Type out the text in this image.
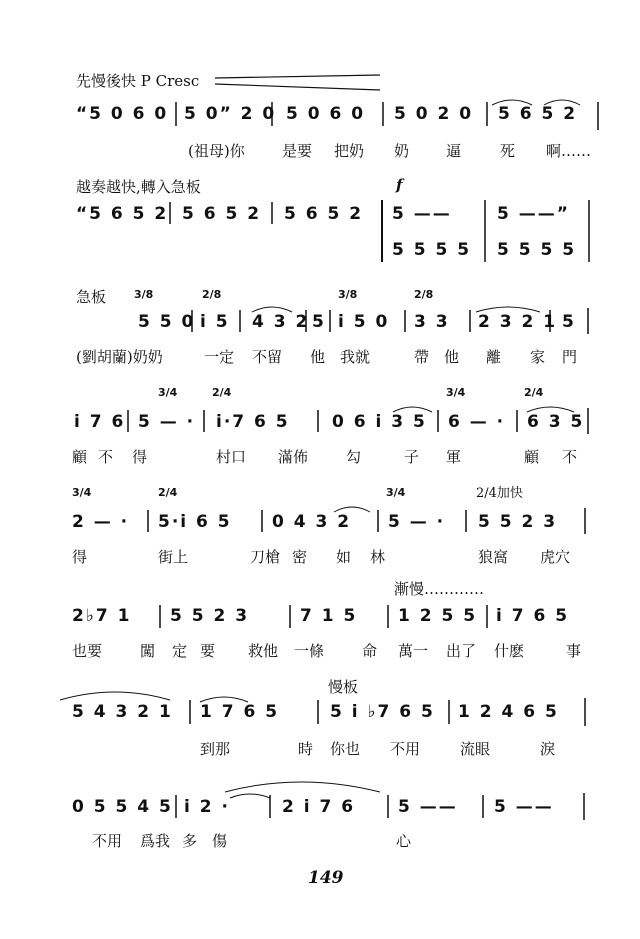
先慢後快 P Cresc
“5 0 6 0 5 0” 2 0 5 0 6 0 5 0 2 0 5 6 5 2
(祖母)你 是要 把奶 奶 逼	死 啊……
越奏越快,轉入急板	f
“5 6 5 2 5 6 5 2 5 6 5 2 5 ——	5 ——”
5 5 5 5 5 5 5 5
急板	3/8	2/8	3/8	2/8
5 5 0 i 5 4 3 2 5 i 5 0 3 3 2 3 2 1 5
(劉胡蘭)奶奶	一定 不留 他 我就	帶 他 離 家 門
3/4	2/4	3/4	2/4
i 7 6 5 — · i·7 6 5 0 6 i 3 5 6 — · 6 3 5
顧 不 得	村口 滿佈	勾	子 軍	顧 不
3/4	2/4	3/4	2/4加快
2 — · 5·i 6 5 0 4 3 2 5 — · 5 5 2 3
得	街上	刀槍 密 如 林	狼窩 虎穴
漸慢…………
2♭7 1 5 5 2 3	7 1 5 1 2 5 5 i 7 6 5
也要	闖 定 要 救他 一條	命 萬一 出了 什麽	事
慢板
5 4 3 2 1 1 7 6 5	5 i ♭7 6 5 1 2 4 6 5
到那	時 你也 不用	流眼	淚
0 5 5 4 5 i 2 ·	2 i 7 6	5 —— 5 ——
不用 爲我 多 傷	心
149
